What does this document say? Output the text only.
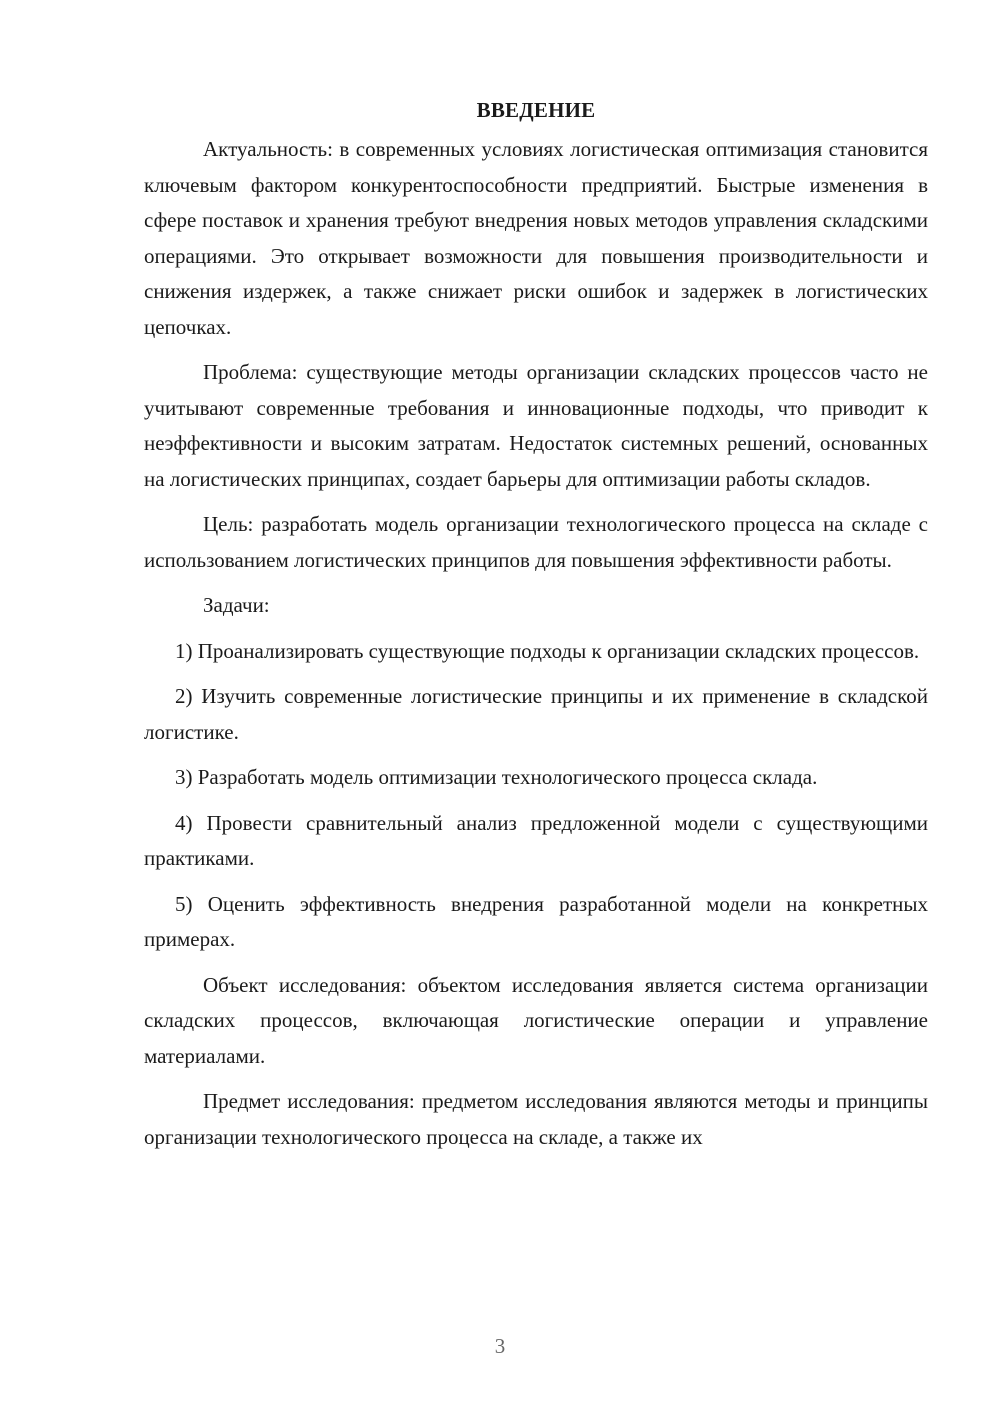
ВВЕДЕНИЕ

Актуальность: в современных условиях логистическая оптимизация становится ключевым фактором конкурентоспособности предприятий. Быстрые изменения в сфере поставок и хранения требуют внедрения новых методов управления складскими операциями. Это открывает возможности для повышения производительности и снижения издержек, а также снижает риски ошибок и задержек в логистических цепочках.

Проблема: существующие методы организации складских процессов часто не учитывают современные требования и инновационные подходы, что приводит к неэффективности и высоким затратам. Недостаток системных решений, основанных на логистических принципах, создает барьеры для оптимизации работы складов.

Цель: разработать модель организации технологического процесса на складе с использованием логистических принципов для повышения эффективности работы.

Задачи:

1) Проанализировать существующие подходы к организации складских процессов.

2) Изучить современные логистические принципы и их применение в складской логистике.

3) Разработать модель оптимизации технологического процесса склада.

4) Провести сравнительный анализ предложенной модели с существующими практиками.

5) Оценить эффективность внедрения разработанной модели на конкретных примерах.

Объект исследования: объектом исследования является система организации складских процессов, включающая логистические операции и управление материалами.

Предмет исследования: предметом исследования являются методы и принципы организации технологического процесса на складе, а также их

3
